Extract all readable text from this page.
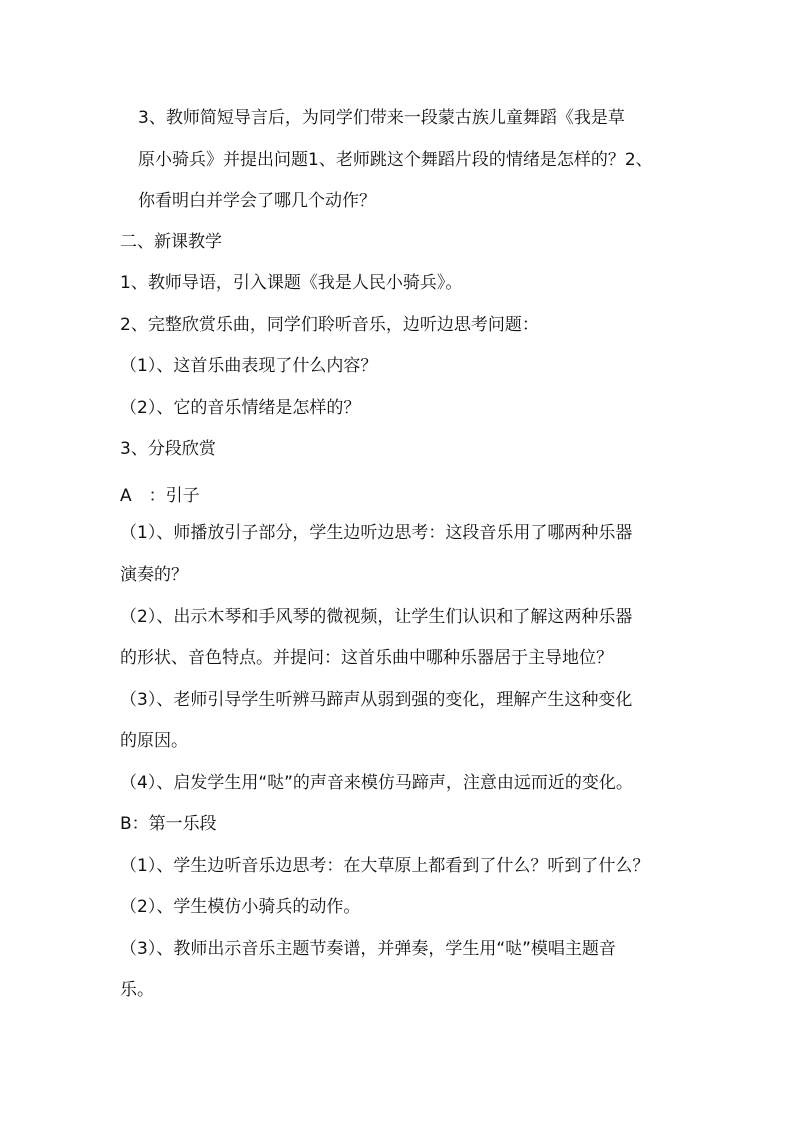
3、教师简短导言后，为同学们带来一段蒙古族儿童舞蹈《我是草
原小骑兵》并提出问题1、老师跳这个舞蹈片段的情绪是怎样的？2、
你看明白并学会了哪几个动作？
二、新课教学
1、教师导语，引入课题《我是人民小骑兵》。
2、完整欣赏乐曲，同学们聆听音乐，边听边思考问题：
（1）、这首乐曲表现了什么内容？
（2）、它的音乐情绪是怎样的？
3、分段欣赏
A　：引子
（1）、师播放引子部分，学生边听边思考：这段音乐用了哪两种乐器
演奏的？
（2）、出示木琴和手风琴的微视频，让学生们认识和了解这两种乐器
的形状、音色特点。并提问：这首乐曲中哪种乐器居于主导地位？
（3）、老师引导学生听辨马蹄声从弱到强的变化，理解产生这种变化
的原因。
（4）、启发学生用“哒”的声音来模仿马蹄声，注意由远而近的变化。
B：第一乐段
（1）、学生边听音乐边思考：在大草原上都看到了什么？听到了什么？
（2）、学生模仿小骑兵的动作。
（3）、教师出示音乐主题节奏谱，并弹奏，学生用“哒”模唱主题音
乐。
